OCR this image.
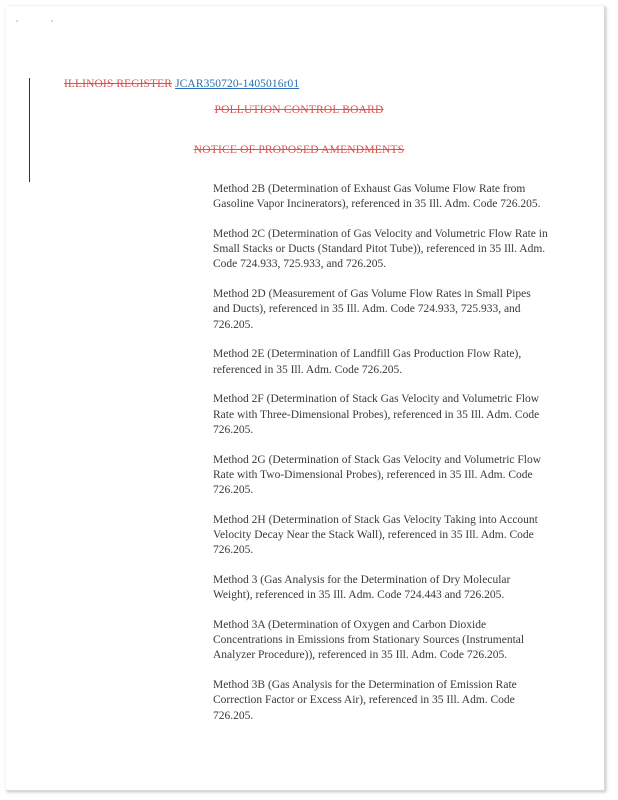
ILLINOIS REGISTER JCAR350720-1405016r01
POLLUTION CONTROL BOARD
NOTICE OF PROPOSED AMENDMENTS

Method 2B (Determination of Exhaust Gas Volume Flow Rate from Gasoline Vapor Incinerators), referenced in 35 Ill. Adm. Code 726.205.

Method 2C (Determination of Gas Velocity and Volumetric Flow Rate in Small Stacks or Ducts (Standard Pitot Tube)), referenced in 35 Ill. Adm. Code 724.933, 725.933, and 726.205.

Method 2D (Measurement of Gas Volume Flow Rates in Small Pipes and Ducts), referenced in 35 Ill. Adm. Code 724.933, 725.933, and 726.205.

Method 2E (Determination of Landfill Gas Production Flow Rate), referenced in 35 Ill. Adm. Code 726.205.

Method 2F (Determination of Stack Gas Velocity and Volumetric Flow Rate with Three-Dimensional Probes), referenced in 35 Ill. Adm. Code 726.205.

Method 2G (Determination of Stack Gas Velocity and Volumetric Flow Rate with Two-Dimensional Probes), referenced in 35 Ill. Adm. Code 726.205.

Method 2H (Determination of Stack Gas Velocity Taking into Account Velocity Decay Near the Stack Wall), referenced in 35 Ill. Adm. Code 726.205.

Method 3 (Gas Analysis for the Determination of Dry Molecular Weight), referenced in 35 Ill. Adm. Code 724.443 and 726.205.

Method 3A (Determination of Oxygen and Carbon Dioxide Concentrations in Emissions from Stationary Sources (Instrumental Analyzer Procedure)), referenced in 35 Ill. Adm. Code 726.205.

Method 3B (Gas Analysis for the Determination of Emission Rate Correction Factor or Excess Air), referenced in 35 Ill. Adm. Code 726.205.
